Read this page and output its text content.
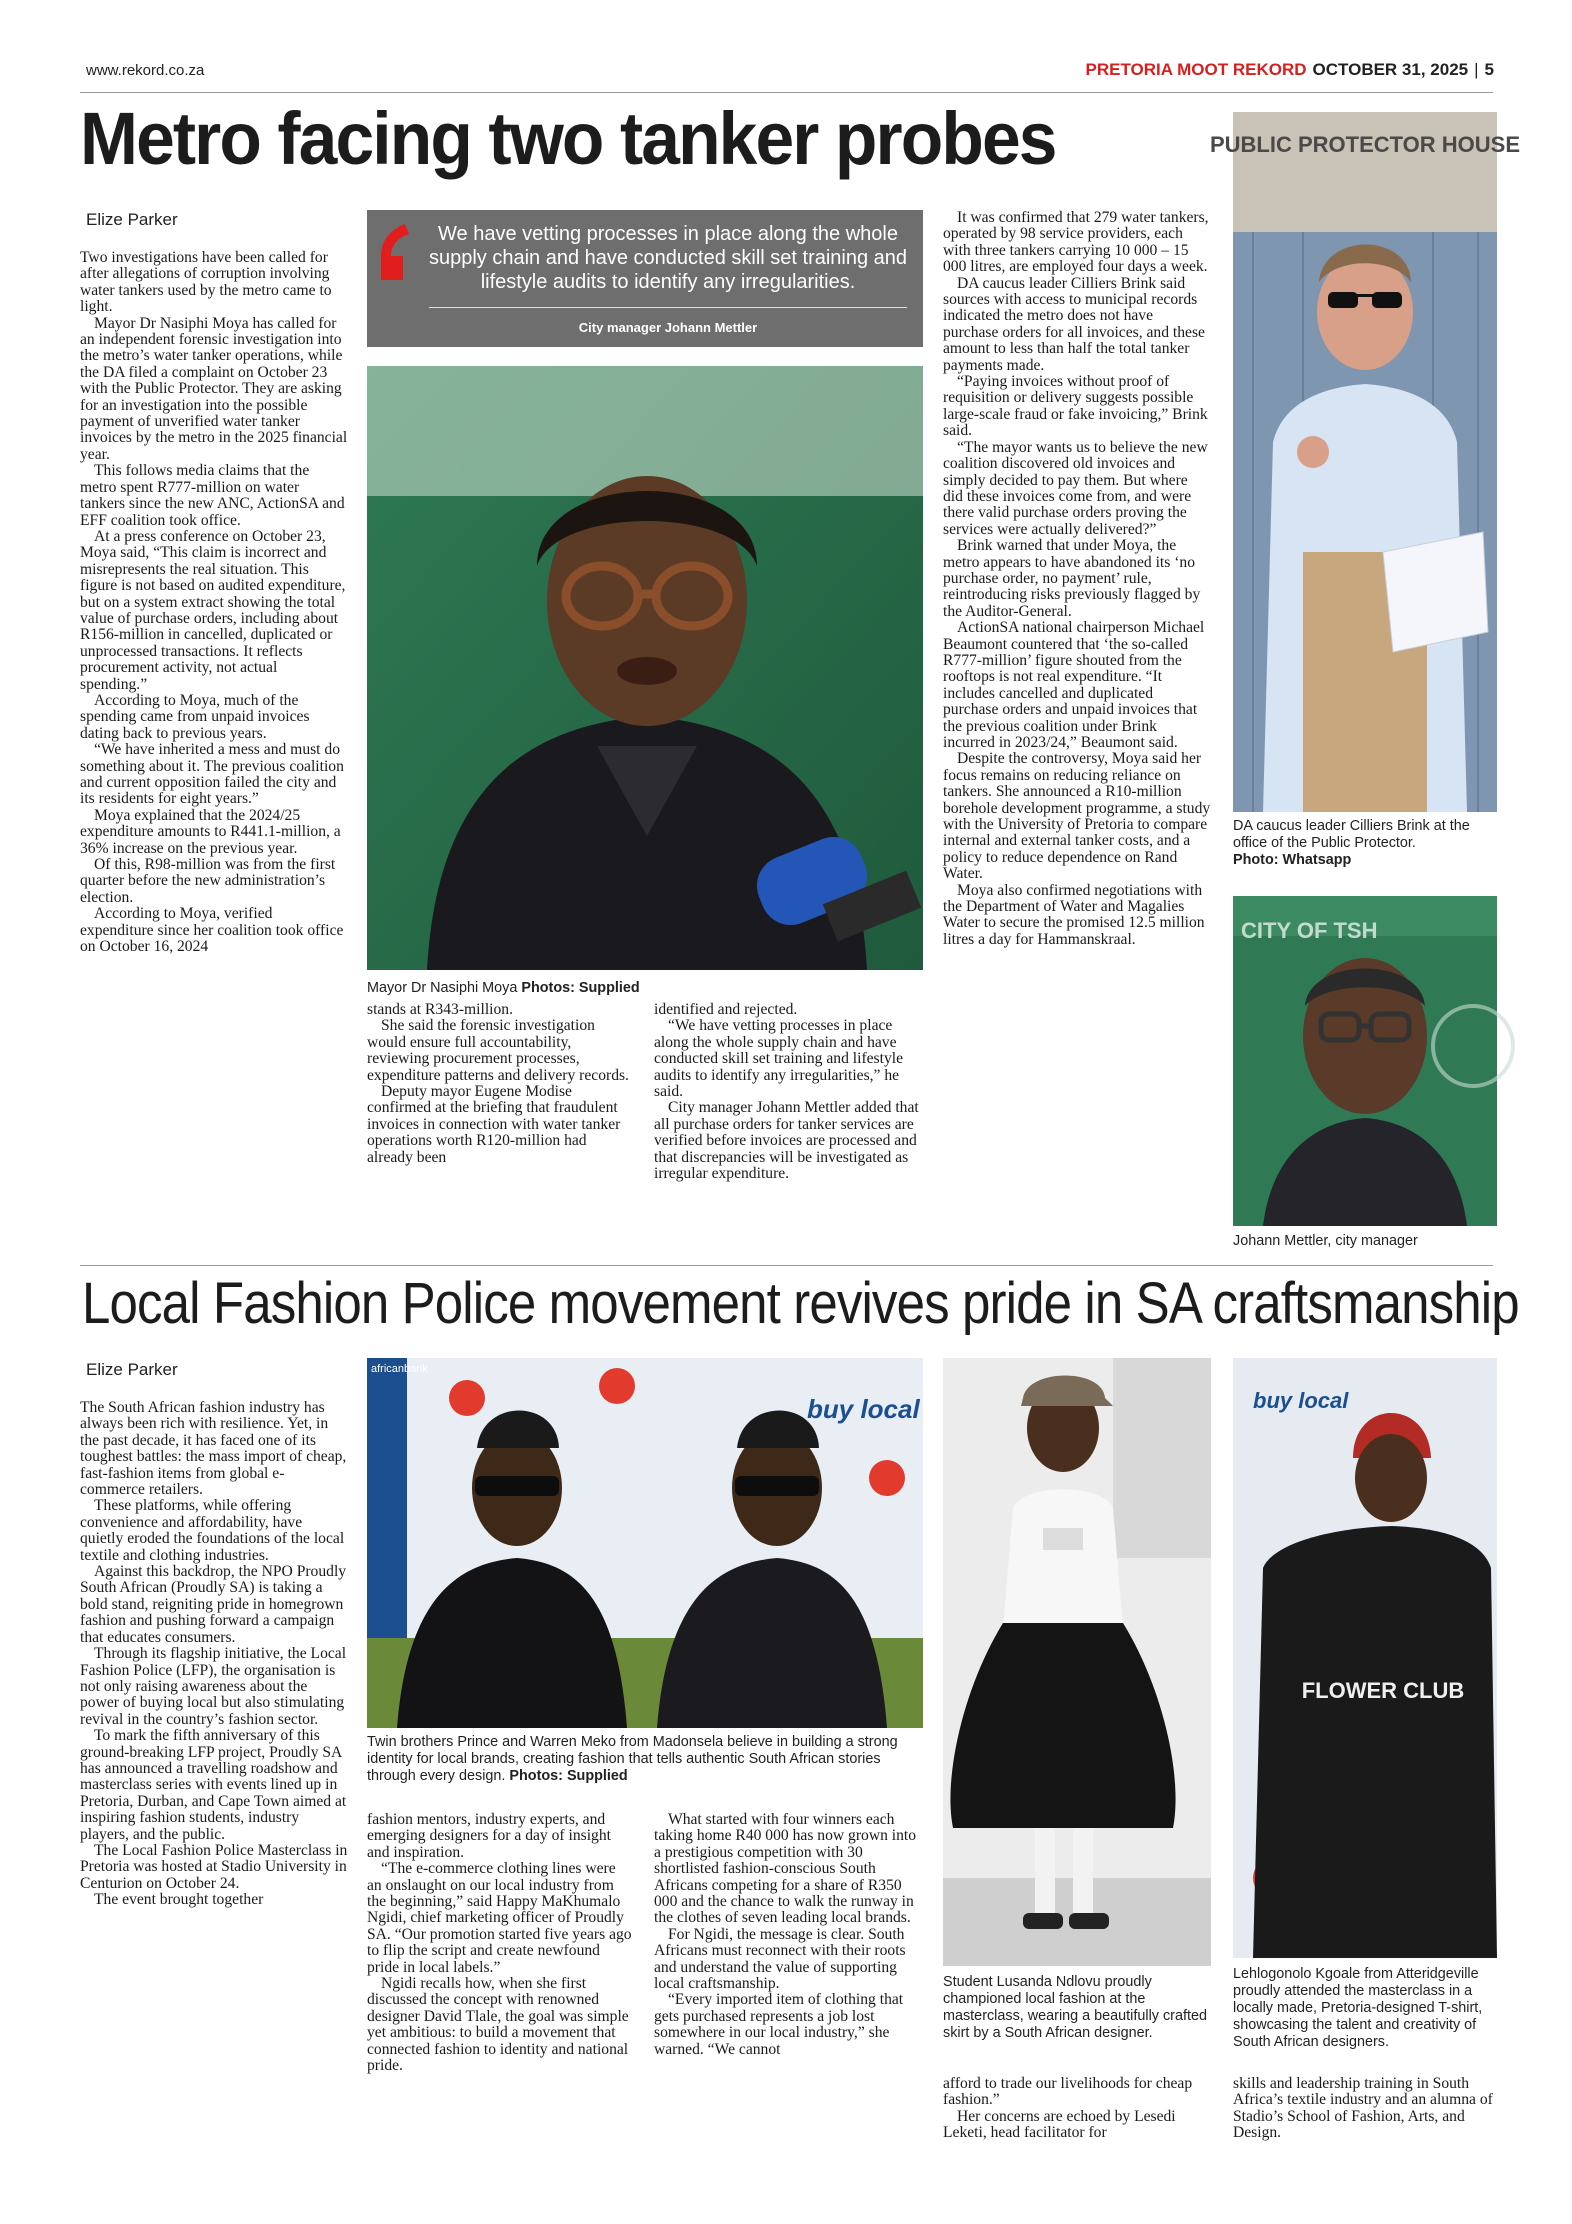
www.rekord.co.za	PRETORIA MOOT REKORD OCTOBER 31, 2025 | 5
Metro facing two tanker probes
Elize Parker

Two investigations have been called for after allegations of corruption involving water tankers used by the metro came to light.

Mayor Dr Nasiphi Moya has called for an independent forensic investigation into the metro’s water tanker operations, while the DA filed a complaint on October 23 with the Public Protector. They are asking for an investigation into the possible payment of unverified water tanker invoices by the metro in the 2025 financial year.

This follows media claims that the metro spent R777-million on water tankers since the new ANC, ActionSA and EFF coalition took office.

At a press conference on October 23, Moya said, “This claim is incorrect and misrepresents the real situation. This figure is not based on audited expenditure, but on a system extract showing the total value of purchase orders, including about R156-million in cancelled, duplicated or unprocessed transactions. It reflects procurement activity, not actual spending.”

According to Moya, much of the spending came from unpaid invoices dating back to previous years.

“We have inherited a mess and must do something about it. The previous coalition and current opposition failed the city and its residents for eight years.”

Moya explained that the 2024/25 expenditure amounts to R441.1-million, a 36% increase on the previous year.

Of this, R98-million was from the first quarter before the new administration’s election.

According to Moya, verified expenditure since her coalition took office on October 16, 2024

We have vetting processes in place along the whole supply chain and have conducted skill set training and lifestyle audits to identify any irregularities.
City manager Johann Mettler
Mayor Dr Nasiphi Moya Photos: Supplied

stands at R343-million.

She said the forensic investigation would ensure full accountability, reviewing procurement processes, expenditure patterns and delivery records.

Deputy mayor Eugene Modise confirmed at the briefing that fraudulent invoices in connection with water tanker operations worth R120-million had already been

identified and rejected.

“We have vetting processes in place along the whole supply chain and have conducted skill set training and lifestyle audits to identify any irregularities,” he said.

City manager Johann Mettler added that all purchase orders for tanker services are verified before invoices are processed and that discrepancies will be investigated as irregular expenditure.

It was confirmed that 279 water tankers, operated by 98 service providers, each with three tankers carrying 10 000 – 15 000 litres, are employed four days a week.

DA caucus leader Cilliers Brink said sources with access to municipal records indicated the metro does not have purchase orders for all invoices, and these amount to less than half the total tanker payments made.

“Paying invoices without proof of requisition or delivery suggests possible large-scale fraud or fake invoicing,” Brink said.

“The mayor wants us to believe the new coalition discovered old invoices and simply decided to pay them. But where did these invoices come from, and were there valid purchase orders proving the services were actually delivered?”

Brink warned that under Moya, the metro appears to have abandoned its ‘no purchase order, no payment’ rule, reintroducing risks previously flagged by the Auditor-General.

ActionSA national chairperson Michael Beaumont countered that ‘the so-called R777-million’ figure shouted from the rooftops is not real expenditure. “It includes cancelled and duplicated purchase orders and unpaid invoices that the previous coalition under Brink incurred in 2023/24,” Beaumont said.

Despite the controversy, Moya said her focus remains on reducing reliance on tankers. She announced a R10-million borehole development programme, a study with the University of Pretoria to compare internal and external tanker costs, and a policy to reduce dependence on Rand Water.

Moya also confirmed negotiations with the Department of Water and Magalies Water to secure the promised 12.5 million litres a day for Hammanskraal.

PUBLIC PROTECTOR HOUSE
DA caucus leader Cilliers Brink at the office of the Public Protector.
Photo: Whatsapp
CITY OF TSH
Johann Mettler, city manager
Local Fashion Police movement revives pride in SA craftsmanship
Elize Parker

The South African fashion industry has always been rich with resilience. Yet, in the past decade, it has faced one of its toughest battles: the mass import of cheap, fast-fashion items from global e-commerce retailers.

These platforms, while offering convenience and affordability, have quietly eroded the foundations of the local textile and clothing industries.

Against this backdrop, the NPO Proudly South African (Proudly SA) is taking a bold stand, reigniting pride in homegrown fashion and pushing forward a campaign that educates consumers.

Through its flagship initiative, the Local Fashion Police (LFP), the organisation is not only raising awareness about the power of buying local but also stimulating revival in the country’s fashion sector.

To mark the fifth anniversary of this ground-breaking LFP project, Proudly SA has announced a travelling roadshow and masterclass series with events lined up in Pretoria, Durban, and Cape Town aimed at inspiring fashion students, industry players, and the public.

The Local Fashion Police Masterclass in Pretoria was hosted at Stadio University in Centurion on October 24.

The event brought together

africanbank
buy local
Twin brothers Prince and Warren Meko from Madonsela believe in building a strong identity for local brands, creating fashion that tells authentic South African stories through every design. Photos: Supplied

fashion mentors, industry experts, and emerging designers for a day of insight and inspiration.

“The e-commerce clothing lines were an onslaught on our local industry from the beginning,” said Happy MaKhumalo Ngidi, chief marketing officer of Proudly SA. “Our promotion started five years ago to flip the script and create newfound pride in local labels.”

Ngidi recalls how, when she first discussed the concept with renowned designer David Tlale, the goal was simple yet ambitious: to build a movement that connected fashion to identity and national pride.

What started with four winners each taking home R40 000 has now grown into a prestigious competition with 30 shortlisted fashion-conscious South Africans competing for a share of R350 000 and the chance to walk the runway in the clothes of seven leading local brands.

For Ngidi, the message is clear. South Africans must reconnect with their roots and understand the value of supporting local craftsmanship.

“Every imported item of clothing that gets purchased represents a job lost somewhere in our local industry,” she warned. “We cannot

Student Lusanda Ndlovu proudly championed local fashion at the masterclass, wearing a beautifully crafted skirt by a South African designer.

afford to trade our livelihoods for cheap fashion.”

Her concerns are echoed by Lesedi Leketi, head facilitator for

buy local
FLOWER CLUB
Lehlogonolo Kgoale from Atteridgeville proudly attended the masterclass in a locally made, Pretoria-designed T-shirt, showcasing the talent and creativity of South African designers.

skills and leadership training in South Africa’s textile industry and an alumna of Stadio’s School of Fashion, Arts, and Design.
